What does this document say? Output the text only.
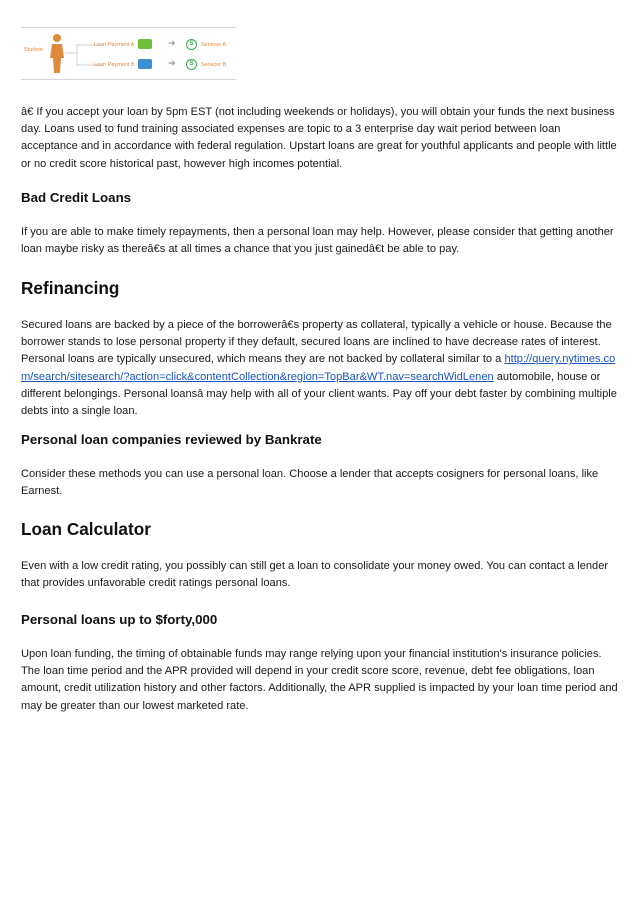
Student
Loan Payment A
Loan Payment B
➔
➔
S
S
Servicer A
Servicer B

â€ If you accept your loan by 5pm EST (not including weekends or holidays), you will obtain your funds the next business day. Loans used to fund training associated expenses are topic to a 3 enterprise day wait period between loan acceptance and in accordance with federal regulation. Upstart loans are great for youthful applicants and people with little or no credit score historical past, however high incomes potential.

Bad Credit Loans

If you are able to make timely repayments, then a personal loan may help. However, please consider that getting another loan maybe risky as thereâ€s at all times a chance that you just gainedâ€t be able to pay.

Refinancing

Secured loans are backed by a piece of the borrowerâ€s property as collateral, typically a vehicle or house. Because the borrower stands to lose personal property if they default, secured loans are inclined to have decrease rates of interest. Personal loans are typically unsecured, which means they are not backed by collateral similar to a http://query.nytimes.com/search/sitesearch/?action=click&contentCollection&region=TopBar&WT.nav=searchWidLenen automobile, house or different belongings. Personal loansâ may help with all of your client wants. Pay off your debt faster by combining multiple debts into a single loan.

Personal loan companies reviewed by Bankrate

Consider these methods you can use a personal loan. Choose a lender that accepts cosigners for personal loans, like Earnest.

Loan Calculator

Even with a low credit rating, you possibly can still get a loan to consolidate your money owed. You can contact a lender that provides unfavorable credit ratings personal loans.

Personal loans up to $forty,000

Upon loan funding, the timing of obtainable funds may range relying upon your financial institution's insurance policies. The loan time period and the APR provided will depend in your credit score score, revenue, debt fee obligations, loan amount, credit utilization history and other factors. Additionally, the APR supplied is impacted by your loan time period and may be greater than our lowest marketed rate.
